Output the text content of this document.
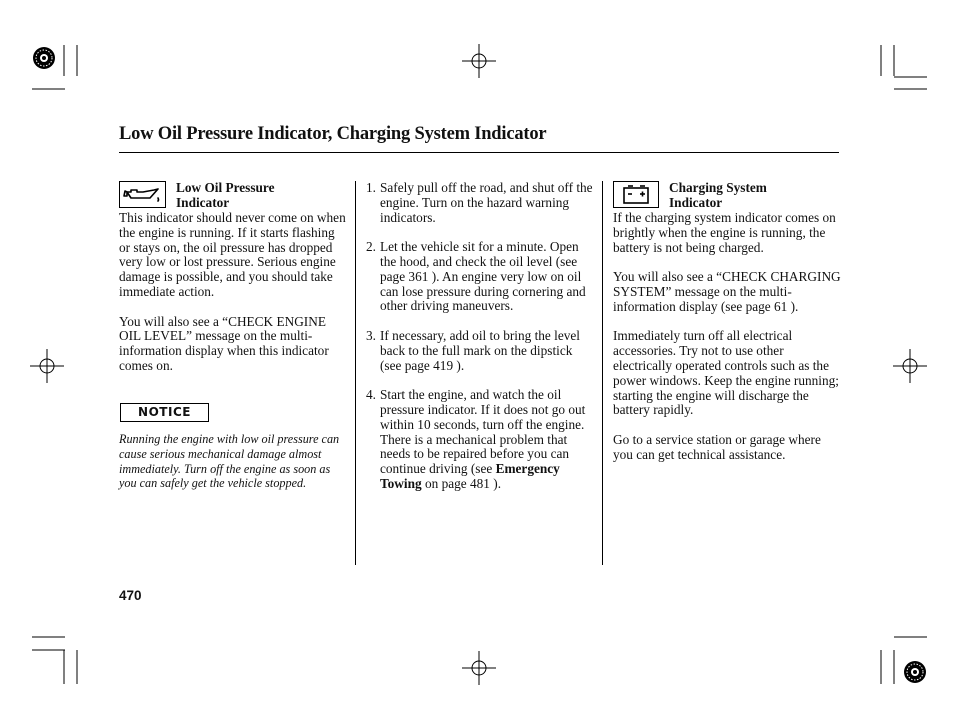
Low Oil Pressure Indicator, Charging System Indicator
Low Oil Pressure
Indicator

This indicator should never come on when the engine is running. If it starts flashing or stays on, the oil pressure has dropped very low or lost pressure. Serious engine damage is possible, and you should take immediate action.

You will also see a “CHECK ENGINE OIL LEVEL” message on the multi-information display when this indicator comes on.

NOTICE
Running the engine with low oil pressure can cause serious mechanical damage almost immediately. Turn off the engine as soon as you can safely get the vehicle stopped.
1. Safely pull off the road, and shut off the engine. Turn on the hazard warning indicators.
2. Let the vehicle sit for a minute. Open the hood, and check the oil level (see page 361 ). An engine very low on oil can lose pressure during cornering and other driving maneuvers.
3. If necessary, add oil to bring the level back to the full mark on the dipstick (see page 419 ).
4. Start the engine, and watch the oil pressure indicator. If it does not go out within 10 seconds, turn off the engine. There is a mechanical problem that needs to be repaired before you can continue driving (see Emergency Towing on page 481 ).
Charging System
Indicator

If the charging system indicator comes on brightly when the engine is running, the battery is not being charged.

You will also see a “CHECK CHARGING SYSTEM” message on the multi-information display (see page 61 ).

Immediately turn off all electrical accessories. Try not to use other electrically operated controls such as the power windows. Keep the engine running; starting the engine will discharge the battery rapidly.

Go to a service station or garage where you can get technical assistance.

470
